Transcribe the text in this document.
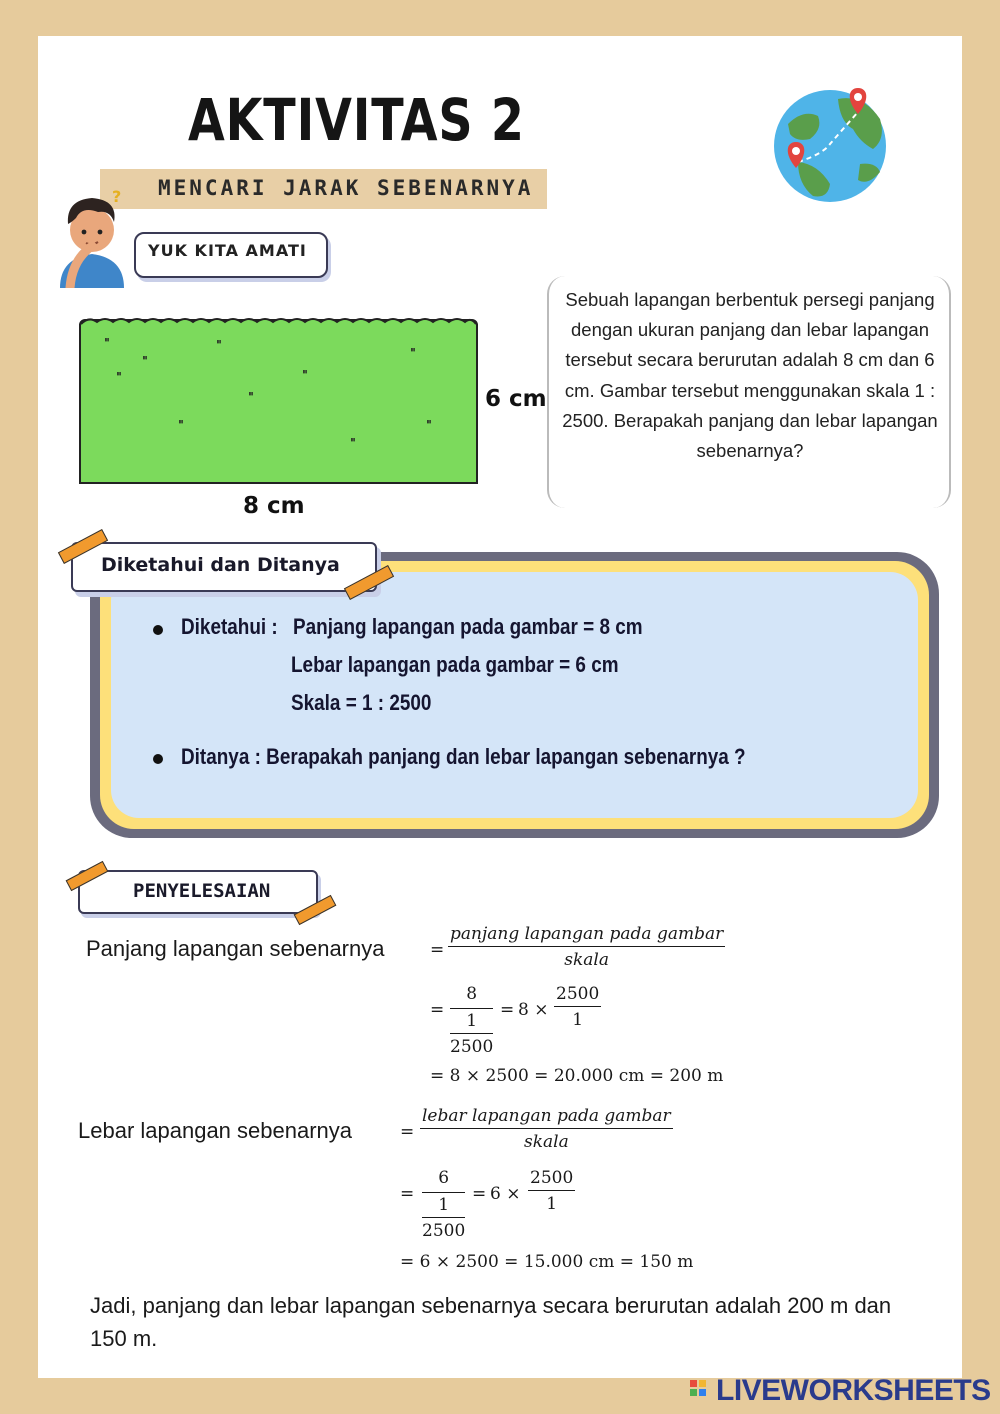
AKTIVITAS 2
MENCARI JARAK SEBENARNYA
?
YUK KITA AMATI
'''	'''
'''
'''
'''	'''
'''
'''	'''
'''
6 cm
8 cm
Sebuah lapangan berbentuk persegi panjang dengan ukuran panjang dan lebar lapangan tersebut secara berurutan adalah 8 cm dan 6 cm. Gambar tersebut menggunakan skala 1 : 2500. Berapakah panjang dan lebar lapangan sebenarnya?
Diketahui dan Ditanya
Diketahui : Panjang lapangan pada gambar = 8 cm
Lebar lapangan pada gambar = 6 cm
Skala = 1 : 2500
Ditanya : Berapakah panjang dan lebar lapangan sebenarnya ?
PENYELESAIAN
Panjang lapangan sebenarnya	=
panjang lapangan pada gambar
skala
= $\frac{8}{\frac{1}{2500}} = 8 \times \frac{2500}{1}$
= 8 × 2500 = 20.000 cm = 200 m
Lebar lapangan sebenarnya	=
lebar lapangan pada gambar
skala
= $\frac{6}{\frac{1}{2500}} = 6 \times \frac{2500}{1}$
= 6 × 2500 = 15.000 cm = 150 m
Jadi, panjang dan lebar lapangan sebenarnya secara berurutan adalah 200 m dan 150 m.
LIVEWORKSHEETS
